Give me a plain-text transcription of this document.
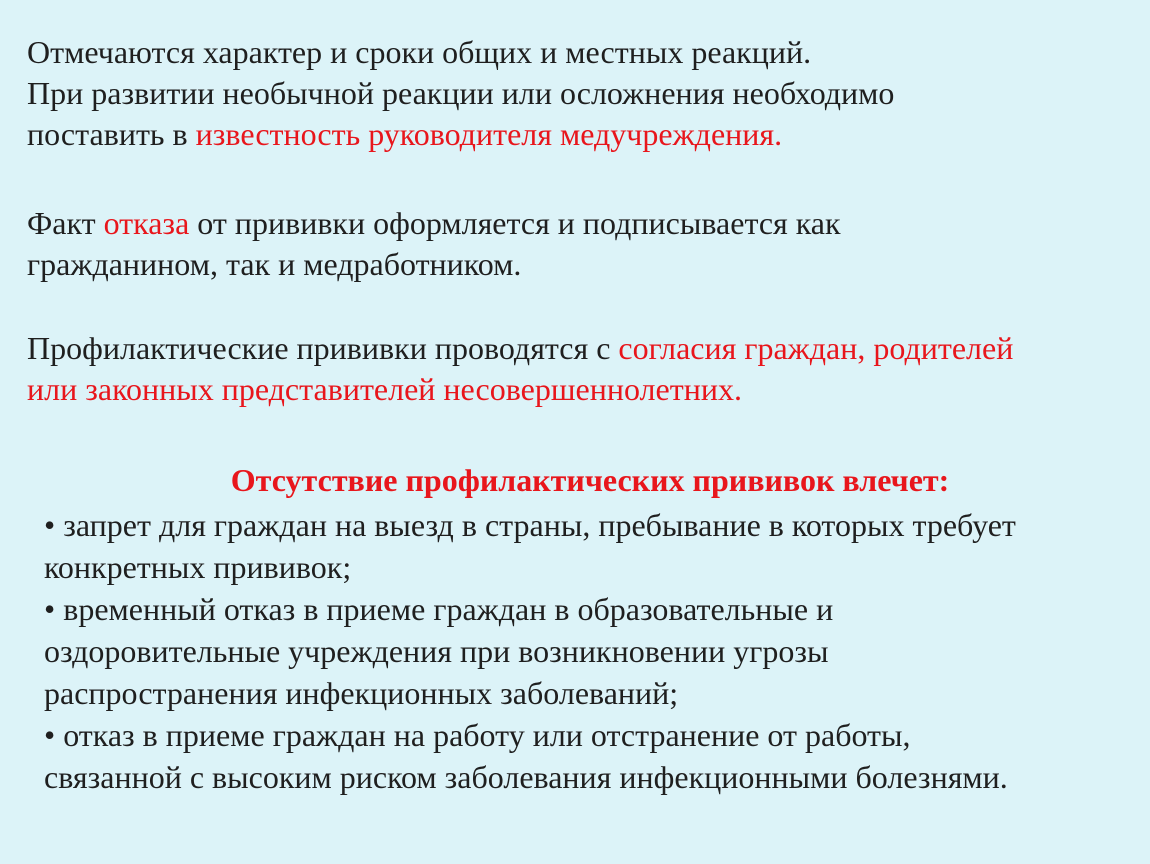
Отмечаются характер и сроки общих и местных реакций.
При развитии необычной реакции или осложнения необходимо
поставить в известность руководителя медучреждения.
Факт отказа от прививки оформляется и подписывается как
гражданином, так и медработником.
Профилактические прививки проводятся с согласия граждан, родителей
или законных представителей несовершеннолетних.
Отсутствие профилактических прививок влечет:
• запрет для граждан на выезд в страны, пребывание в которых требует
конкретных прививок;
• временный отказ в приеме граждан в образовательные и
оздоровительные учреждения при возникновении угрозы
распространения инфекционных заболеваний;
• отказ в приеме граждан на работу или отстранение от работы,
связанной с высоким риском заболевания инфекционными болезнями.
